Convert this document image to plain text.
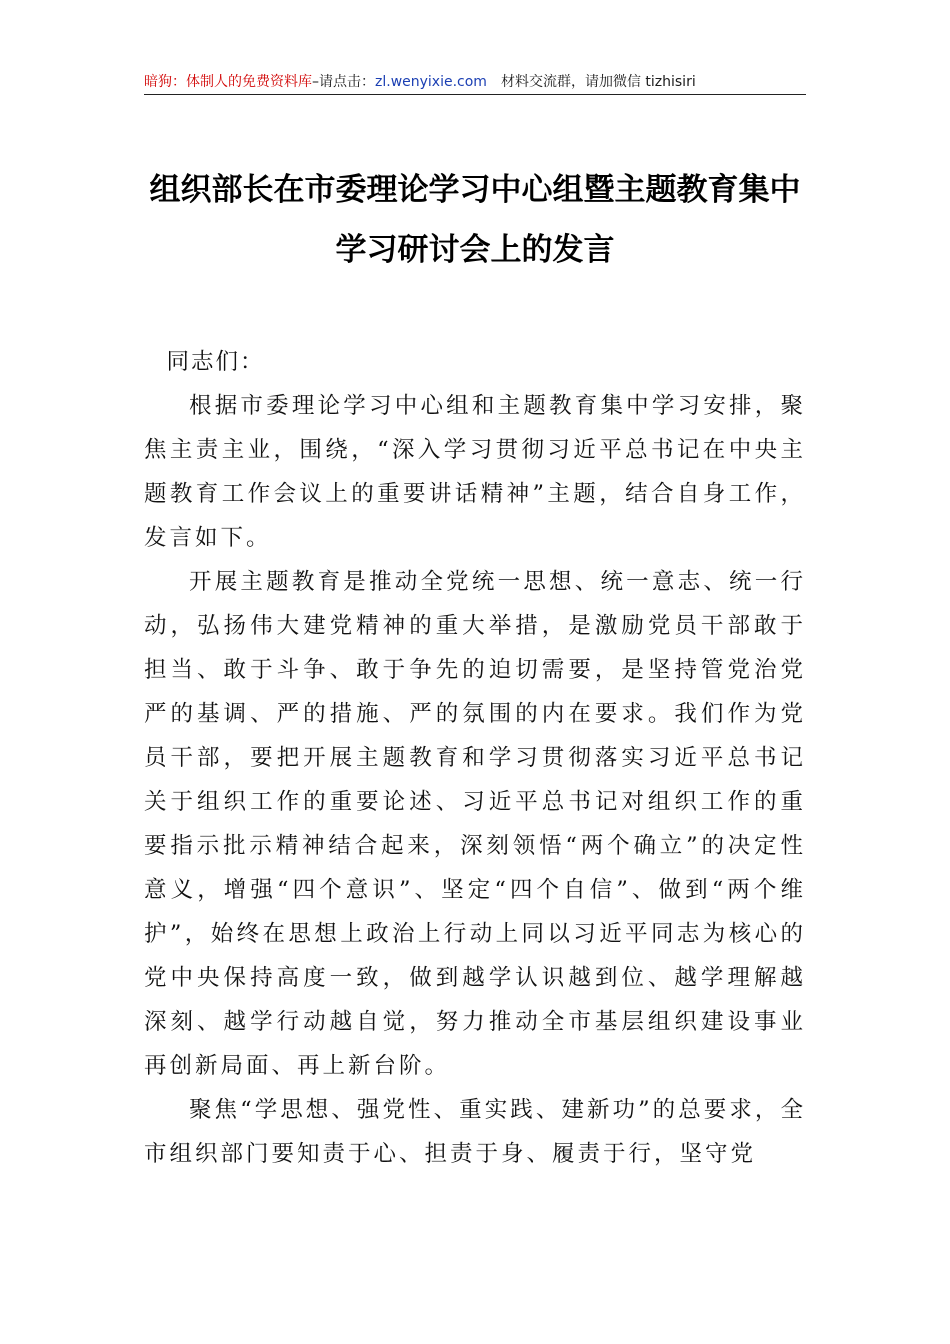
暗狗：体制人的免费资料库–请点击：zl.wenyixie.com 材料交流群，请加微信 tizhisiri
组织部长在市委理论学习中心组暨主题教育集中学习研讨会上的发言

同志们：

根据市委理论学习中心组和主题教育集中学习安排，聚焦主责主业，围绕，“深入学习贯彻习近平总书记在中央主题教育工作会议上的重要讲话精神”主题，结合自身工作，发言如下。

开展主题教育是推动全党统一思想、统一意志、统一行动，弘扬伟大建党精神的重大举措，是激励党员干部敢于担当、敢于斗争、敢于争先的迫切需要，是坚持管党治党严的基调、严的措施、严的氛围的内在要求。我们作为党员干部，要把开展主题教育和学习贯彻落实习近平总书记关于组织工作的重要论述、习近平总书记对组织工作的重要指示批示精神结合起来，深刻领悟“两个确立”的决定性意义，增强“四个意识”、坚定“四个自信”、做到“两个维护”，始终在思想上政治上行动上同以习近平同志为核心的党中央保持高度一致，做到越学认识越到位、越学理解越深刻、越学行动越自觉，努力推动全市基层组织建设事业再创新局面、再上新台阶。

聚焦“学思想、强党性、重实践、建新功”的总要求，全市组织部门要知责于心、担责于身、履责于行，坚守党
